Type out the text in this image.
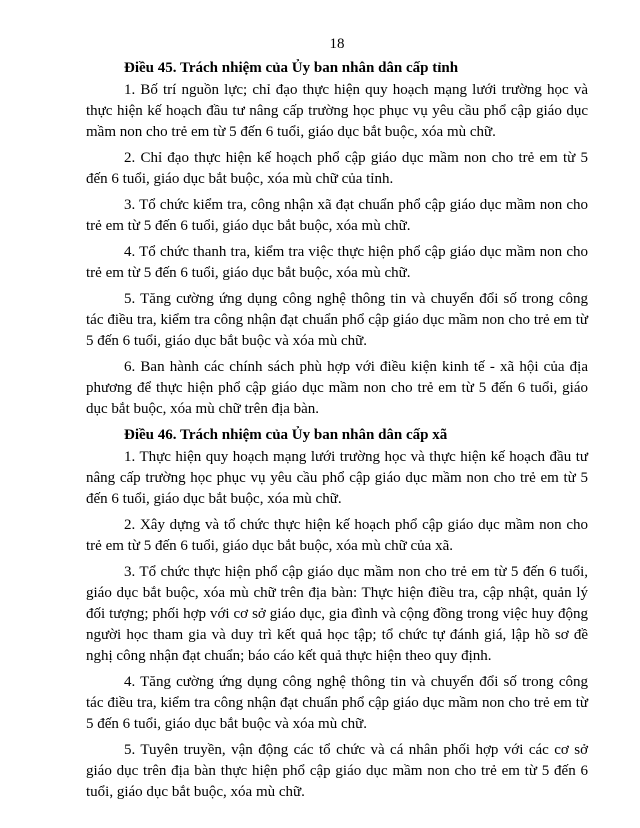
18
Điều 45. Trách nhiệm của Ủy ban nhân dân cấp tỉnh

1. Bố trí nguồn lực; chỉ đạo thực hiện quy hoạch mạng lưới trường học và thực hiện kế hoạch đầu tư nâng cấp trường học phục vụ yêu cầu phổ cập giáo dục mầm non cho trẻ em từ 5 đến 6 tuổi, giáo dục bắt buộc, xóa mù chữ.

2. Chỉ đạo thực hiện kế hoạch phổ cập giáo dục mầm non cho trẻ em từ 5 đến 6 tuổi, giáo dục bắt buộc, xóa mù chữ của tỉnh.

3. Tổ chức kiểm tra, công nhận xã đạt chuẩn phổ cập giáo dục mầm non cho trẻ em từ 5 đến 6 tuổi, giáo dục bắt buộc, xóa mù chữ.

4. Tổ chức thanh tra, kiểm tra việc thực hiện phổ cập giáo dục mầm non cho trẻ em từ 5 đến 6 tuổi, giáo dục bắt buộc, xóa mù chữ.

5. Tăng cường ứng dụng công nghệ thông tin và chuyển đổi số trong công tác điều tra, kiểm tra công nhận đạt chuẩn phổ cập giáo dục mầm non cho trẻ em từ 5 đến 6 tuổi, giáo dục bắt buộc và xóa mù chữ.

6. Ban hành các chính sách phù hợp với điều kiện kinh tế - xã hội của địa phương để thực hiện phổ cập giáo dục mầm non cho trẻ em từ 5 đến 6 tuổi, giáo dục bắt buộc, xóa mù chữ trên địa bàn.

Điều 46. Trách nhiệm của Ủy ban nhân dân cấp xã

1. Thực hiện quy hoạch mạng lưới trường học và thực hiện kế hoạch đầu tư nâng cấp trường học phục vụ yêu cầu phổ cập giáo dục mầm non cho trẻ em từ 5 đến 6 tuổi, giáo dục bắt buộc, xóa mù chữ.

2. Xây dựng và tổ chức thực hiện kế hoạch phổ cập giáo dục mầm non cho trẻ em từ 5 đến 6 tuổi, giáo dục bắt buộc, xóa mù chữ của xã.

3. Tổ chức thực hiện phổ cập giáo dục mầm non cho trẻ em từ 5 đến 6 tuổi, giáo dục bắt buộc, xóa mù chữ trên địa bàn: Thực hiện điều tra, cập nhật, quản lý đối tượng; phối hợp với cơ sở giáo dục, gia đình và cộng đồng trong việc huy động người học tham gia và duy trì kết quả học tập; tổ chức tự đánh giá, lập hồ sơ đề nghị công nhận đạt chuẩn; báo cáo kết quả thực hiện theo quy định.

4. Tăng cường ứng dụng công nghệ thông tin và chuyển đổi số trong công tác điều tra, kiểm tra công nhận đạt chuẩn phổ cập giáo dục mầm non cho trẻ em từ 5 đến 6 tuổi, giáo dục bắt buộc và xóa mù chữ.

5. Tuyên truyền, vận động các tổ chức và cá nhân phối hợp với các cơ sở giáo dục trên địa bàn thực hiện phổ cập giáo dục mầm non cho trẻ em từ 5 đến 6 tuổi, giáo dục bắt buộc, xóa mù chữ.
